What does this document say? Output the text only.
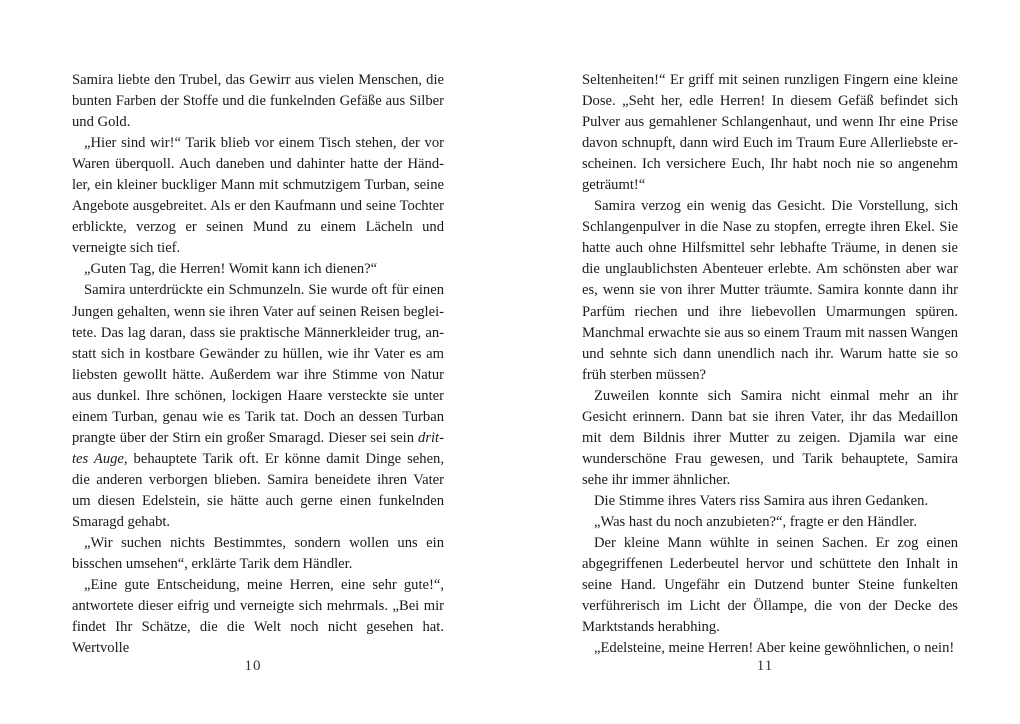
Samira liebte den Trubel, das Gewirr aus vielen Menschen, die bunten Farben der Stoffe und die funkelnden Gefäße aus Silber und Gold.

„Hier sind wir!“ Tarik blieb vor einem Tisch stehen, der vor Waren überquoll. Auch daneben und dahinter hatte der Händler, ein kleiner buckliger Mann mit schmutzigem Turban, seine Angebote ausgebreitet. Als er den Kaufmann und seine Tochter erblickte, verzog er seinen Mund zu einem Lächeln und verneigte sich tief.

„Guten Tag, die Herren! Womit kann ich dienen?“

Samira unterdrückte ein Schmunzeln. Sie wurde oft für einen Jungen gehalten, wenn sie ihren Vater auf seinen Reisen begleitete. Das lag daran, dass sie praktische Männerkleider trug, anstatt sich in kostbare Gewänder zu hüllen, wie ihr Vater es am liebsten gewollt hätte. Außerdem war ihre Stimme von Natur aus dunkel. Ihre schönen, lockigen Haare versteckte sie unter einem Turban, genau wie es Tarik tat. Doch an dessen Turban prangte über der Stirn ein großer Smaragd. Dieser sei sein drittes Auge, behauptete Tarik oft. Er könne damit Dinge sehen, die anderen verborgen blieben. Samira beneidete ihren Vater um diesen Edelstein, sie hätte auch gerne einen funkelnden Smaragd gehabt.

„Wir suchen nichts Bestimmtes, sondern wollen uns ein bisschen umsehen“, erklärte Tarik dem Händler.

„Eine gute Entscheidung, meine Herren, eine sehr gute!“, antwortete dieser eifrig und verneigte sich mehrmals. „Bei mir findet Ihr Schätze, die die Welt noch nicht gesehen hat. Wertvolle

10

Seltenheiten!“ Er griff mit seinen runzligen Fingern eine kleine Dose. „Seht her, edle Herren! In diesem Gefäß befindet sich Pulver aus gemahlener Schlangenhaut, und wenn Ihr eine Prise davon schnupft, dann wird Euch im Traum Eure Allerliebste erscheinen. Ich versichere Euch, Ihr habt noch nie so angenehm geträumt!“

Samira verzog ein wenig das Gesicht. Die Vorstellung, sich Schlangenpulver in die Nase zu stopfen, erregte ihren Ekel. Sie hatte auch ohne Hilfsmittel sehr lebhafte Träume, in denen sie die unglaublichsten Abenteuer erlebte. Am schönsten aber war es, wenn sie von ihrer Mutter träumte. Samira konnte dann ihr Parfüm riechen und ihre liebevollen Umarmungen spüren. Manchmal erwachte sie aus so einem Traum mit nassen Wangen und sehnte sich dann unendlich nach ihr. Warum hatte sie so früh sterben müssen?

Zuweilen konnte sich Samira nicht einmal mehr an ihr Gesicht erinnern. Dann bat sie ihren Vater, ihr das Medaillon mit dem Bildnis ihrer Mutter zu zeigen. Djamila war eine wunderschöne Frau gewesen, und Tarik behauptete, Samira sehe ihr immer ähnlicher.

Die Stimme ihres Vaters riss Samira aus ihren Gedanken.

„Was hast du noch anzubieten?“, fragte er den Händler.

Der kleine Mann wühlte in seinen Sachen. Er zog einen abgegriffenen Lederbeutel hervor und schüttete den Inhalt in seine Hand. Ungefähr ein Dutzend bunter Steine funkelten verführerisch im Licht der Öllampe, die von der Decke des Marktstands herabhing.

„Edelsteine, meine Herren! Aber keine gewöhnlichen, o nein!

11
